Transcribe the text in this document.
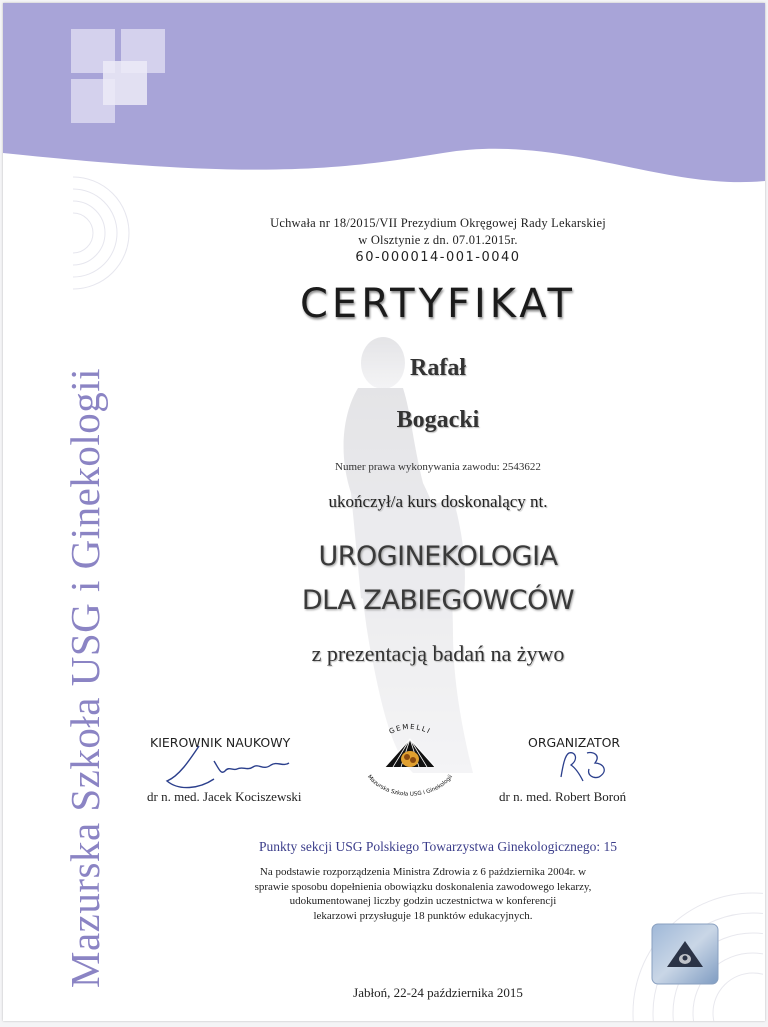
Mazurska Szkoła USG i Ginekologii
Uchwała nr 18/2015/VII Prezydium Okręgowej Rady Lekarskiej
w Olsztynie z dn. 07.01.2015r.
60-000014-001-0040
CERTYFIKAT
Rafał
Bogacki
Numer prawa wykonywania zawodu: 2543622
ukończył/a kurs doskonalący nt.
UROGINEKOLOGIA
DLA ZABIEGOWCÓW
z prezentacją badań na żywo
KIEROWNIK NAUKOWY
dr n. med. Jacek Kociszewski
ORGANIZATOR
dr n. med. Robert Boroń
GEMELLI
Mazurska Szkoła USG i Ginekologii
Punkty sekcji USG Polskiego Towarzystwa Ginekologicznego: 15
Na podstawie rozporządzenia Ministra Zdrowia z 6 października 2004r. w
sprawie sposobu dopełnienia obowiązku doskonalenia zawodowego lekarzy,
udokumentowanej liczby godzin uczestnictwa w konferencji
lekarzowi przysługuje 18 punktów edukacyjnych.
Jabłoń, 22-24 października 2015
